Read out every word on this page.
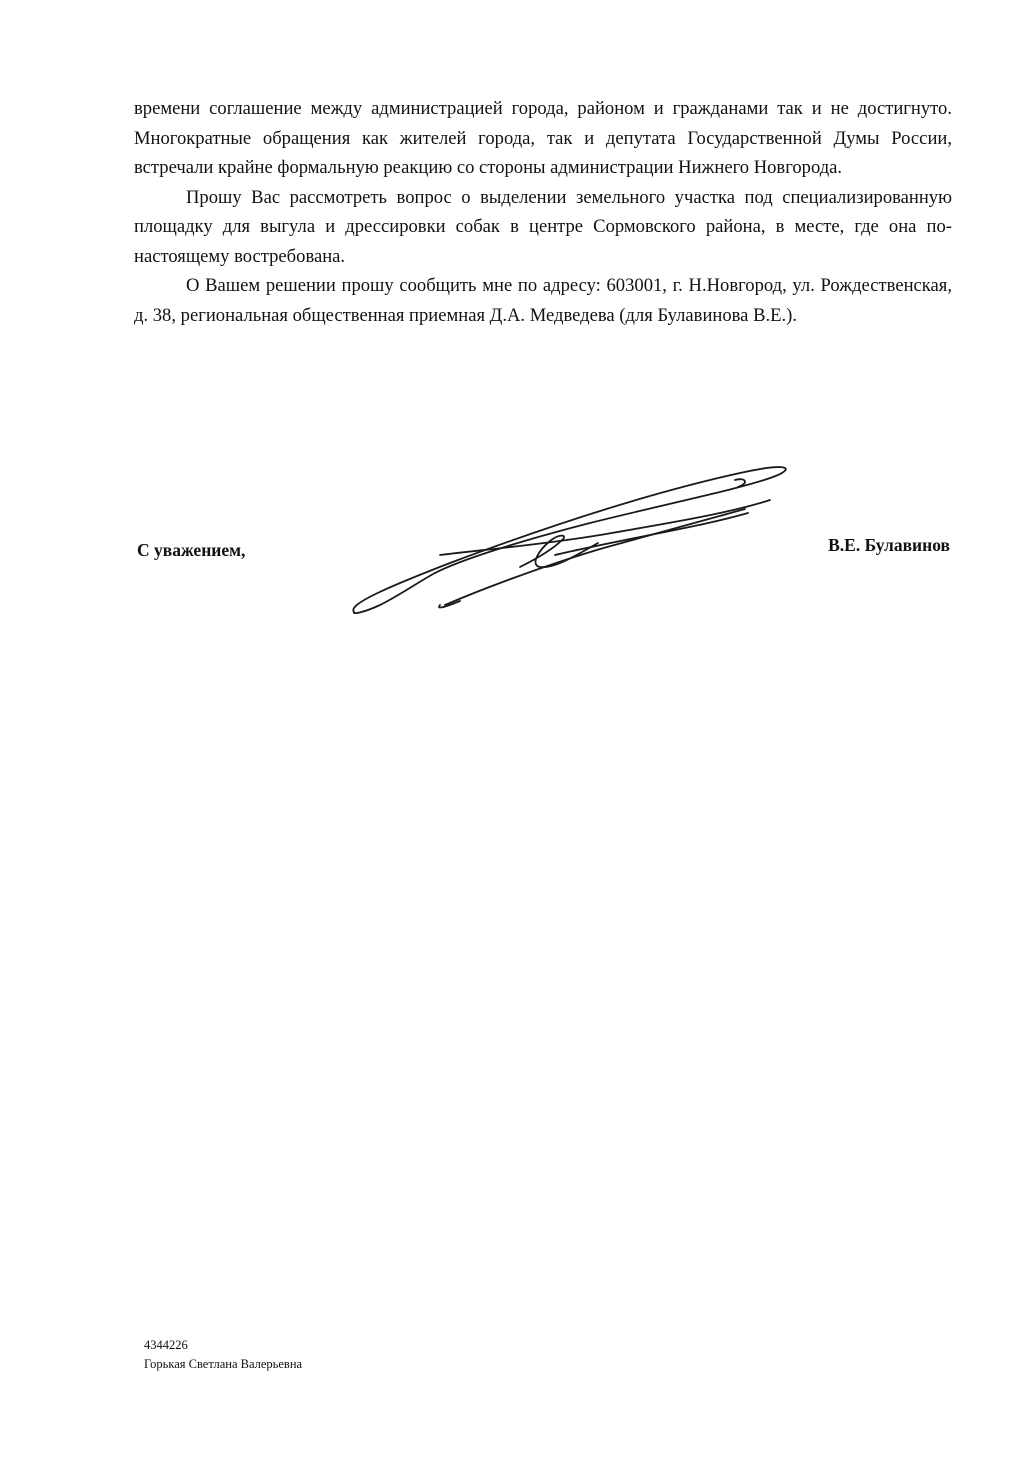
времени соглашение между администрацией города, районом и гражданами так и не достигнуто. Многократные обращения как жителей города, так и депутата Государственной Думы России, встречали крайне формальную реакцию со стороны администрации Нижнего Новгорода.

Прошу Вас рассмотреть вопрос о выделении земельного участка под специализированную площадку для выгула и дрессировки собак в центре Сормовского района, в месте, где она по-настоящему востребована.

О Вашем решении прошу сообщить мне по адресу: 603001, г. Н.Новгород, ул. Рождественская, д. 38, региональная общественная приемная Д.А. Медведева (для Булавинова В.Е.).

С уважением,	В.Е. Булавинов
4344226
Горькая Светлана Валерьевна
